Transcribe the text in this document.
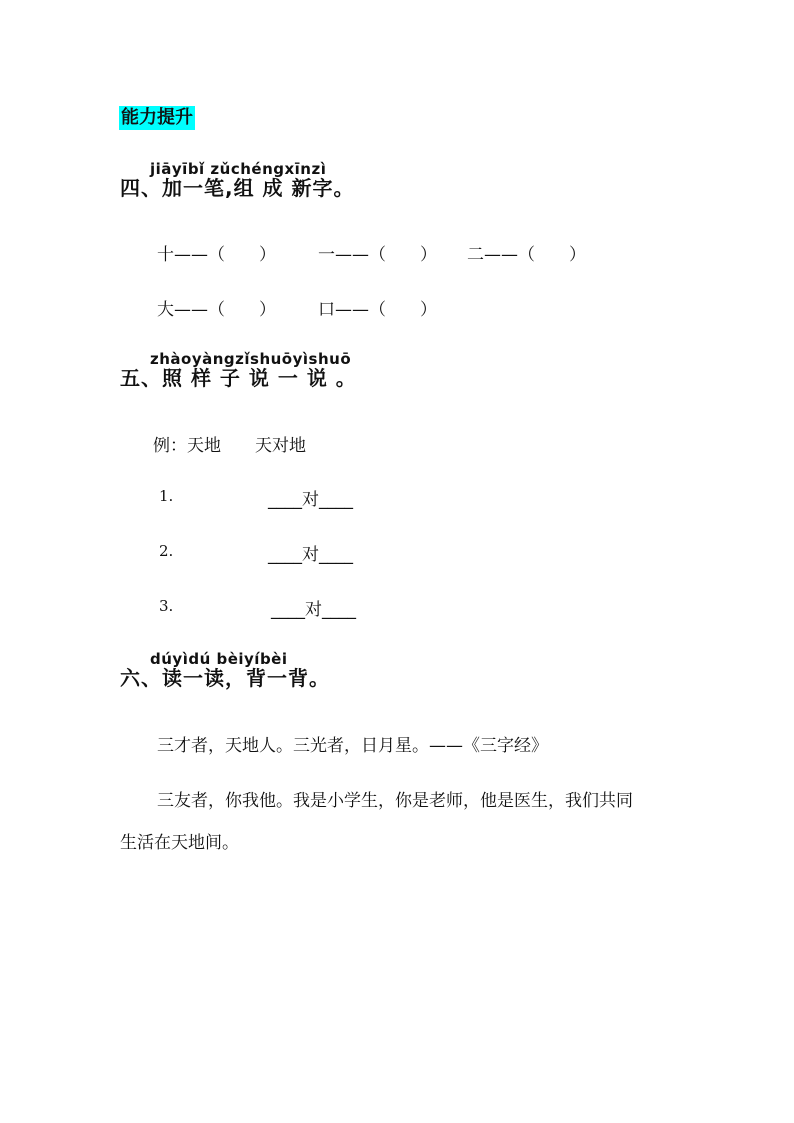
能力提升
jiāyībǐ zǔchéngxīnzì
四、加一笔,组 成 新字。
十——（　　） 一——（　　） 二——（　　）
大——（　　） 口——（　　）
zhàoyàngzǐshuōyìshuō
五、照 样 子 说 一 说 。
例：天地　　天对地
1.	____对____
2.	____对____
3.	____对____
dúyìdú bèiyíbèi
六、读一读，背一背。
三才者，天地人。三光者，日月星。——《三字经》
三友者，你我他。我是小学生，你是老师，他是医生，我们共同
生活在天地间。
